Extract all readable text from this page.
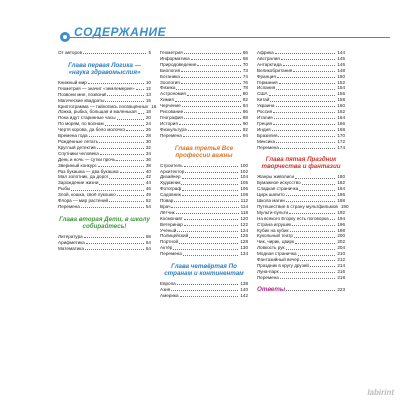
СОДЕРЖАНИЕ
От авторов	5
Глава первая Логика — «наука здравомыслия»
Книжный мир	10
Геометрия — значит «землемерие» 12
Позвони мне, позвони!	13
Магические квадраты	15
Криптограмма — тайнопись посвящённых 16
Ложка, рыбка, большая и маленькая 18
Пока идут старинные часы	20
По морям, по волнам	24
Чертя корова, да бело молочко	26
Времена года	28
Рождённые летать	30
Круглый детектив	32
Спутники человека	34
День и ночь — сутки прочь	36
Звериный конкурс	38
Раз букашка — два букашка	40
Мал золотник, да дорог	42
Зарождение жизни	44
Рыбы	46
Злой, кошка, своё лукошко	49
Флора — мир растений	52
Перемена	54
Глава вторая Дети, в школу собирайтесь!
Литература	58
Арифметика	64
Математика	64
Геометрия	66
Информатика	68
Природоведение	70
Биология	73
Ботаника	74
Зоология	76
Физика	78
Астрономия	80
Химия	82
Черчение	84
Рисование	86
География	88
История	90
Физкультура	92
Перемена	94
Глава третья Все профессии важны
Строитель	100
Архитектор	102
Дизайнер	104
Художник	105
Фотограф	106
Садовник	108
Повар	112
Врач	114
Лётчик	118
Космонавт	120
Ветеринар	122
Учёный	124
Полицейский	126
Портной	128
Актёр	130
Перемена	134
Глава четвёртая По странам и континентам
Европа	138
Азия	140
Америка	142
Африка	144
Австралия	145
Антарктида	146
Великобритания	148
Франция	150
Германия	152
Испания	154
США	156
Китай	158
Украина	160
Россия	162
Италия	164
Греция	166
Индия	168
Бразилия	170
Мексика	172
Перемена	174
Глава пятая Праздник творчества и фантазии
Жанры живописи	180
Бумажное искусство	182
Сладкая страничка	184
Цирк шапито	186
Школа магии	188
Путешествие в страну мультфильмов 190
Мульти-пульти	192
На всякого Егорку есть поговорка 194
Страна игрушек	196
Кубик на кубик	198
Кукольный театр	200
Чик, чирик, цвирк	202
Ловкость рук	204
Модная страничка	210
Фантазийный вечер	212
Праздник в кругу друзей	214
Луна-парк	216
Перемена	218
Ответы	223
labirint
